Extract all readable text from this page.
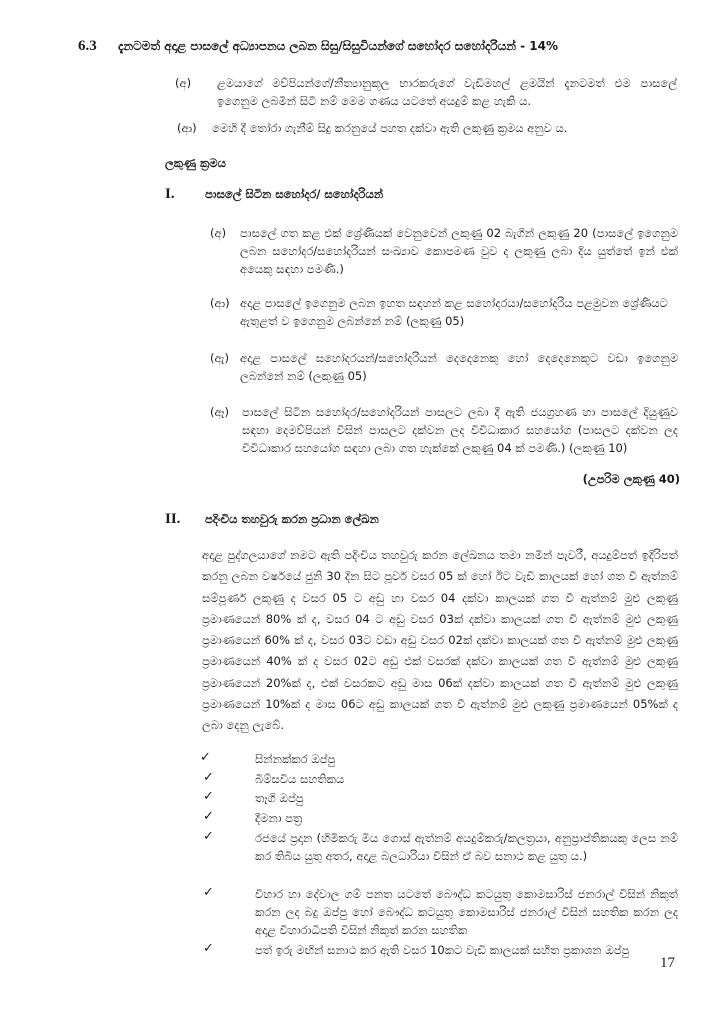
6.3 දැනටමත් අදාළ පාසලේ අධ්‍යාපනය ලබන සිසු/සිසුවියන්ගේ සහෝදර සහෝදරියන් - 14%
(අ) ළමයාගේ මව්පියන්ගේ/නීත්‍යානුකූල භාරකරුගේ වැඩිමහල් ළමයින් දැනටමත් එම පාසලේ ඉගෙනුම ලබමින් සිටී නම් මෙම ගණය යටතේ අයදුම් කළ හැකි ය.
(ආ) මෙහි දී තෝරා ගැනීම් සිදු කරනුයේ පහත දක්වා ඇති ලකුණු ක්‍රමය අනුව ය.
ලකුණු ක්‍රමය
I.	පාසලේ සිටින සහෝදර/ සහෝදරියන්
(අ) පාසලේ ගත කළ එක් ශ්‍රේණියක් වෙනුවෙන් ලකුණු 02 බැගින් ලකුණු 20 (පාසලේ ඉගෙනුම ලබන සහෝදර/සහෝදරියන් සංඛ්‍යාව කොපමණ වුව ද ලකුණු ලබා දිය යුත්තේ ඉන් එක් අයෙකු සඳහා පමණි.)
(ආ) අදාළ පාසලේ ඉගෙනුම ලබන ඉහත සඳහන් කළ සහෝදරයා/සහෝදරිය පළමුවන ශ්‍රේණියට ඇතුළත් ව ඉගෙනුම ලබන්නේ නම් (ලකුණු 05)
(ඇ) අදාළ පාසලේ සහෝදරයන්/සහෝදරියන් දෙදෙනෙකු හෝ දෙදෙනෙකුට වඩා ඉගෙනුම ලබන්නේ නම් (ලකුණු 05)
(ඈ) පාසලේ සිටින සහෝදර/සහෝදරියන් පාසලට ලබා දී ඇති ජයග්‍රහණ හා පාසලේ දියුණුව සඳහා දෙමව්පියන් විසින් පාසලට දක්වන ලද විවිධාකාර සහයෝග (පාසලට දක්වන ලද විවිධාකාර සහයෝග සඳහා ලබා ගත හැක්කේ ලකුණු 04 ක් පමණි.) (ලකුණු 10)
(උපරිම ලකුණු 40)
II. පදිංචිය තහවුරු කරන ප්‍රධාන ලේඛන
අදාළ පුද්ගලයාගේ නමට ඇති පදිංචිය තහවුරු කරන ලේඛනය තමා නමින් පැවරී, අයදුම්පත් ඉදිරිපත් කරනු ලබන වර්ෂයේ ජුනි 30 දින සිට පූර්ව වසර 05 ක් හෝ ඊට වැඩි කාලයක් හෝ ගත වී ඇත්නම් සම්පූර්ණ ලකුණු ද වසර 05 ට අඩු හා වසර 04 දක්වා කාලයක් ගත වී ඇත්නම් මුළු ලකුණු ප්‍රමාණයෙන් 80% ක් ද, වසර 04 ට අඩු වසර 03ක් දක්වා කාලයක් ගත වී ඇත්නම් මුළු ලකුණු ප්‍රමාණයෙන් 60% ක් ද, වසර 03ට වඩා අඩු වසර 02ක් දක්වා කාලයක් ගත වී ඇත්නම් මුළු ලකුණු ප්‍රමාණයෙන් 40% ක් ද වසර 02ට අඩු එක් වසරක් දක්වා කාලයක් ගත වී ඇත්නම් මුළු ලකුණු ප්‍රමාණයෙන් 20%ක් ද, එක් වසරකට අඩු මාස 06ක් දක්වා කාලයක් ගත වී ඇත්නම් මුළු ලකුණු ප්‍රමාණයෙන් 10%ක් ද මාස 06ට අඩු කාලයක් ගත වී ඇත්නම් මුළු ලකුණු ප්‍රමාණයෙන් 05%ක් ද ලබා දෙනු ලැබේ.
✓	සින්නක්කර ඔප්පු
✓	බිම්සවිය සහතිකය
✓	තෑගි ඔප්පු
✓	දීමනා පත්‍ර
✓	රජයේ ප්‍රදාන (හිමිකරු මිය ගොස් ඇත්නම් අයදුම්කරු/කලත්‍රයා, අනුප්‍රාප්තිකයකු ලෙස නම් කර තිබිය යුතු අතර, අදාළ බලධාරියා විසින් ඒ බව සනාථ කළ යුතු ය.)
✓	විහාර හා දේවාල ගම් පනත යටතේ බෞද්ධ කටයුතු කොමසාරිස් ජනරාල් විසින් නිකුත් කරන ලද බදු ඔප්පු හෝ බෞද්ධ කටයුතු කොමසාරිස් ජනරාල් විසින් සහතික කරන ලද අදාළ විහාරාධිපති විසින් නිකුත් කරන සහතික
✓	පත් ඉරු මඟින් සනාථ කර ඇති වසර 10කට වැඩි කාලයක් සහිත ප්‍රකාශන ඔප්පු
17
